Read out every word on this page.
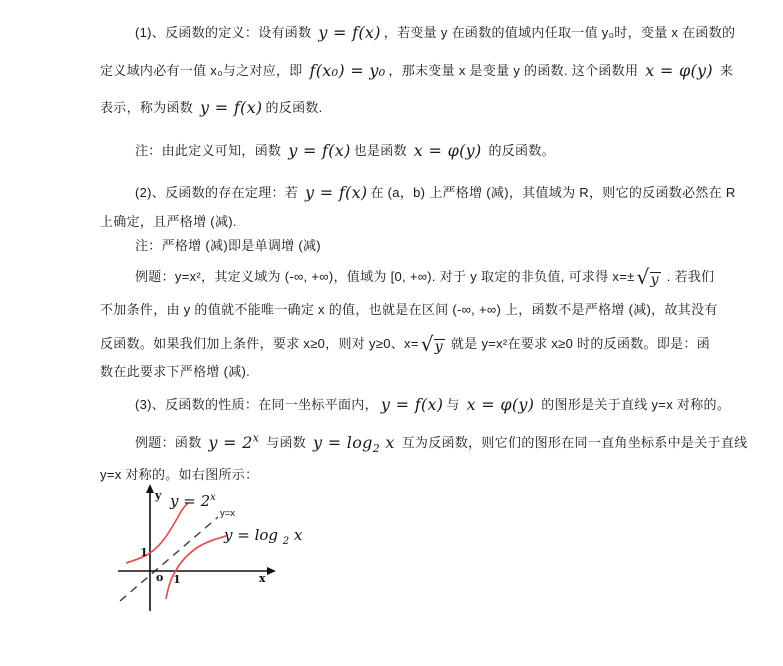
(1)、反函数的定义：设有函数 y = f(x) ，若变量 y 在函数的值域内任取一值 y₀时，变量 x 在函数的
定义域内必有一值 x₀与之对应，即 f(x₀) = y₀ ，那末变量 x 是变量 y 的函数. 这个函数用 x = φ(y) 来
表示，称为函数 y = f(x) 的反函数.
注：由此定义可知，函数 y = f(x) 也是函数 x = φ(y) 的反函数。
(2)、反函数的存在定理：若 y = f(x) 在 (a，b) 上严格增 (减)，其值域为 R，则它的反函数必然在 R
上确定，且严格增 (减).
注：严格增 (减)即是单调增 (减)
例题：y=x²，其定义域为 (-∞, +∞)，值域为 [0, +∞). 对于 y 取定的非负值, 可求得 x=± √y . 若我们
不加条件，由 y 的值就不能唯一确定 x 的值，也就是在区间 (-∞, +∞) 上，函数不是严格增 (减)，故其没有
反函数。如果我们加上条件，要求 x≥0，则对 y≥0、x= √y 就是 y=x²在要求 x≥0 时的反函数。即是：函
数在此要求下严格增 (减).
(3)、反函数的性质：在同一坐标平面内， y = f(x) 与 x = φ(y) 的图形是关于直线 y=x 对称的。
例题：函数 $y = 2^x$ 与函数 $y = \log_2 x$ 互为反函数，则它们的图形在同一直角坐标系中是关于直线
y=x 对称的。如右图所示：
y
x
1
o 1
$y = 2^x$
y=x
y = log $_2$ x
